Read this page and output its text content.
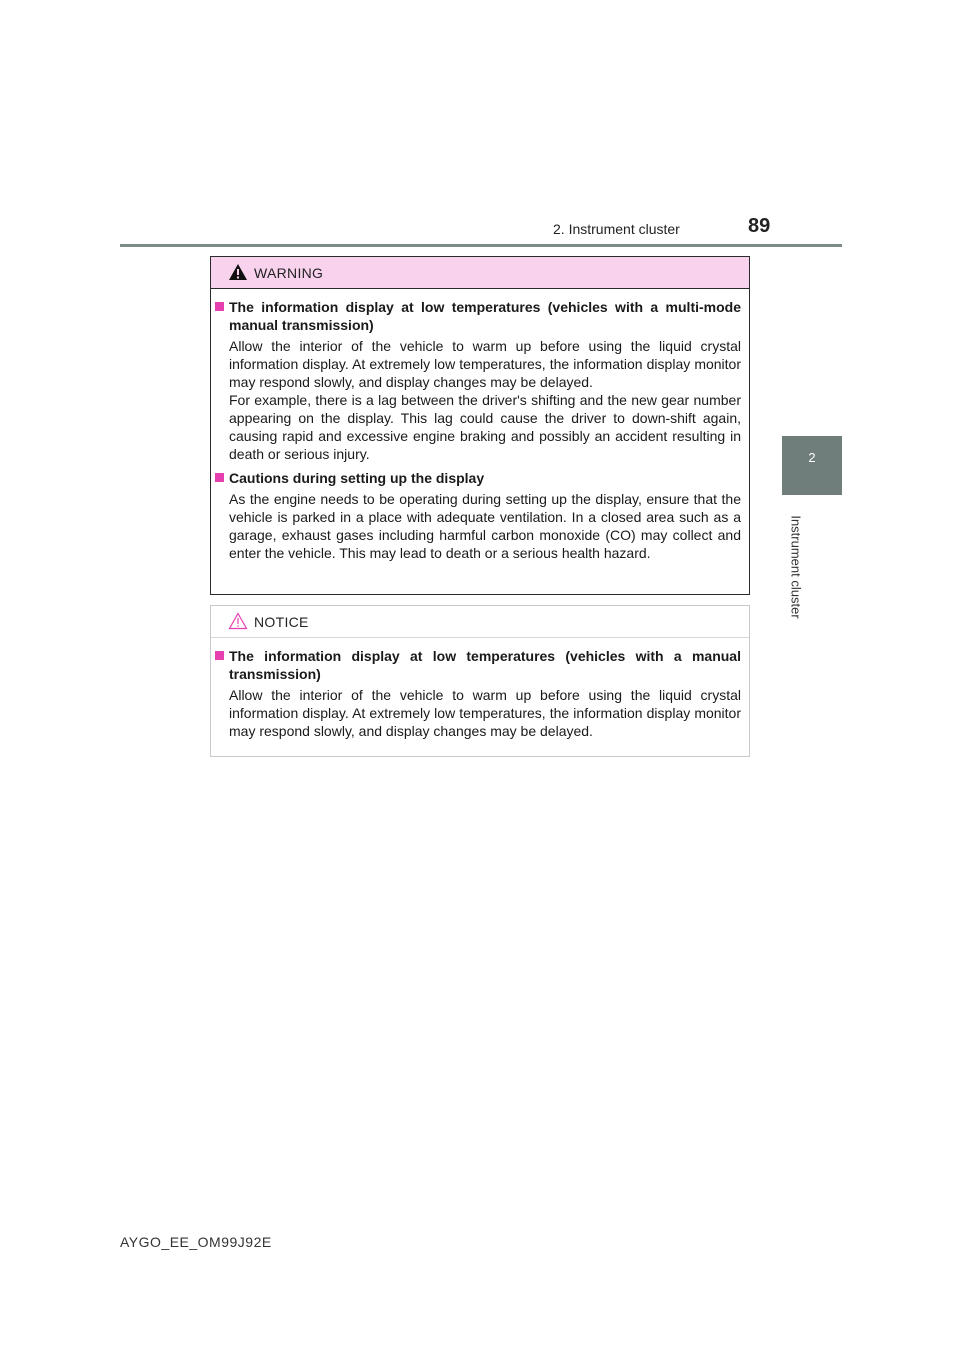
2. Instrument cluster	89
2
Instrument cluster
WARNING
The information display at low temperatures (vehicles with a multi-mode manual transmission)
Allow the interior of the vehicle to warm up before using the liquid crystal information display. At extremely low temperatures, the information display monitor may respond slowly, and display changes may be delayed.
For example, there is a lag between the driver's shifting and the new gear number appearing on the display. This lag could cause the driver to down-shift again, causing rapid and excessive engine braking and possibly an accident resulting in death or serious injury.
Cautions during setting up the display
As the engine needs to be operating during setting up the display, ensure that the vehicle is parked in a place with adequate ventilation. In a closed area such as a garage, exhaust gases including harmful carbon monoxide (CO) may collect and enter the vehicle. This may lead to death or a serious health hazard.
NOTICE
The information display at low temperatures (vehicles with a manual transmission)
Allow the interior of the vehicle to warm up before using the liquid crystal information display. At extremely low temperatures, the information display monitor may respond slowly, and display changes may be delayed.
AYGO_EE_OM99J92E
